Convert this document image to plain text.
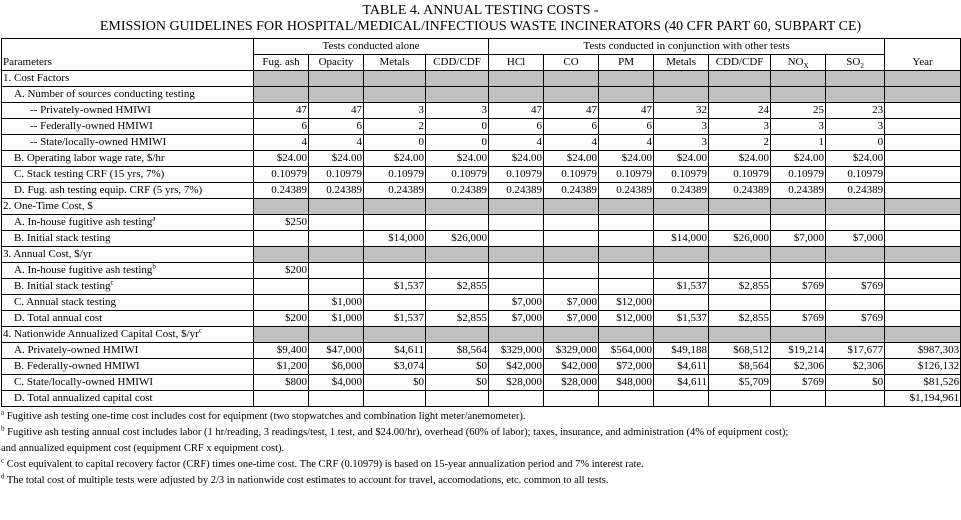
TABLE 4. ANNUAL TESTING COSTS -
EMISSION GUIDELINES FOR HOSPITAL/MEDICAL/INFECTIOUS WASTE INCINERATORS (40 CFR PART 60, SUBPART CE)
	Tests conducted alone				Tests conducted in conjunction with other tests							
Parameters	Fug. ash	Opacity	Metals	CDD/CDF	HCl	CO	PM	Metals	CDD/CDF	$NO_X$	$SO_2$	Year
1. Cost Factors												
A. Number of sources conducting testing												
-- Privately-owned HMIWI	47	47	3	3	47	47	47	32	24	25	23	
-- Federally-owned HMIWI	6	6	2	0	6	6	6	3	3	3	3	
-- State/locally-owned HMIWI	4	4	0	0	4	4	4	3	2	1	0	
B. Operating labor wage rate, $/hr	$24.00	$24.00	$24.00	$24.00	$24.00	$24.00	$24.00	$24.00	$24.00	$24.00	$24.00	
C. Stack testing CRF (15 yrs, 7%)	0.10979	0.10979	0.10979	0.10979	0.10979	0.10979	0.10979	0.10979	0.10979	0.10979	0.10979	
D. Fug. ash testing equip. CRF (5 yrs, 7%)	0.24389	0.24389	0.24389	0.24389	0.24389	0.24389	0.24389	0.24389	0.24389	0.24389	0.24389	
2. One-Time Cost, $												
A. In-house fugitive ash testing$^a$	$250											
B. Initial stack testing			$14,000	$26,000				$14,000	$26,000	$7,000	$7,000	
3. Annual Cost, $/yr												
A. In-house fugitive ash testing$^b$	$200											
B. Initial stack testing$^c$			$1,537	$2,855				$1,537	$2,855	$769	$769	
C. Annual stack testing		$1,000			$7,000	$7,000	$12,000					
D. Total annual cost	$200	$1,000	$1,537	$2,855	$7,000	$7,000	$12,000	$1,537	$2,855	$769	$769	
4. Nationwide Annualized Capital Cost, $\$/yr^c$												
A. Privately-owned HMIWI	$9,400	$47,000	$4,611	$8,564	$329,000	$329,000	$564,000	$49,188	$68,512	$19,214	$17,677	$987,303
B. Federally-owned HMIWI	$1,200	$6,000	$3,074	$0	$42,000	$42,000	$72,000	$4,611	$8,564	$2,306	$2,306	$126,132
C. State/locally-owned HMIWI	$800	$4,000	$0	$0	$28,000	$28,000	$48,000	$4,611	$5,709	$769	$0	$81,526
D. Total annualized capital cost												$1,194,961
$^a$ Fugitive ash testing one-time cost includes cost for equipment (two stopwatches and combination light meter/anemometer).
$^b$ Fugitive ash testing annual cost includes labor (1 hr/reading, 3 readings/test, 1 test, and $24.00/hr), overhead (60% of labor); taxes, insurance, and administration (4% of equipment cost);
and annualized equipment cost (equipment CRF x equipment cost).
$^c$ Cost equivalent to capital recovery factor (CRF) times one-time cost. The CRF (0.10979) is based on 15-year annualization period and 7% interest rate.
$^d$ The total cost of multiple tests were adjusted by 2/3 in nationwide cost estimates to account for travel, accomodations, etc. common to all tests.
